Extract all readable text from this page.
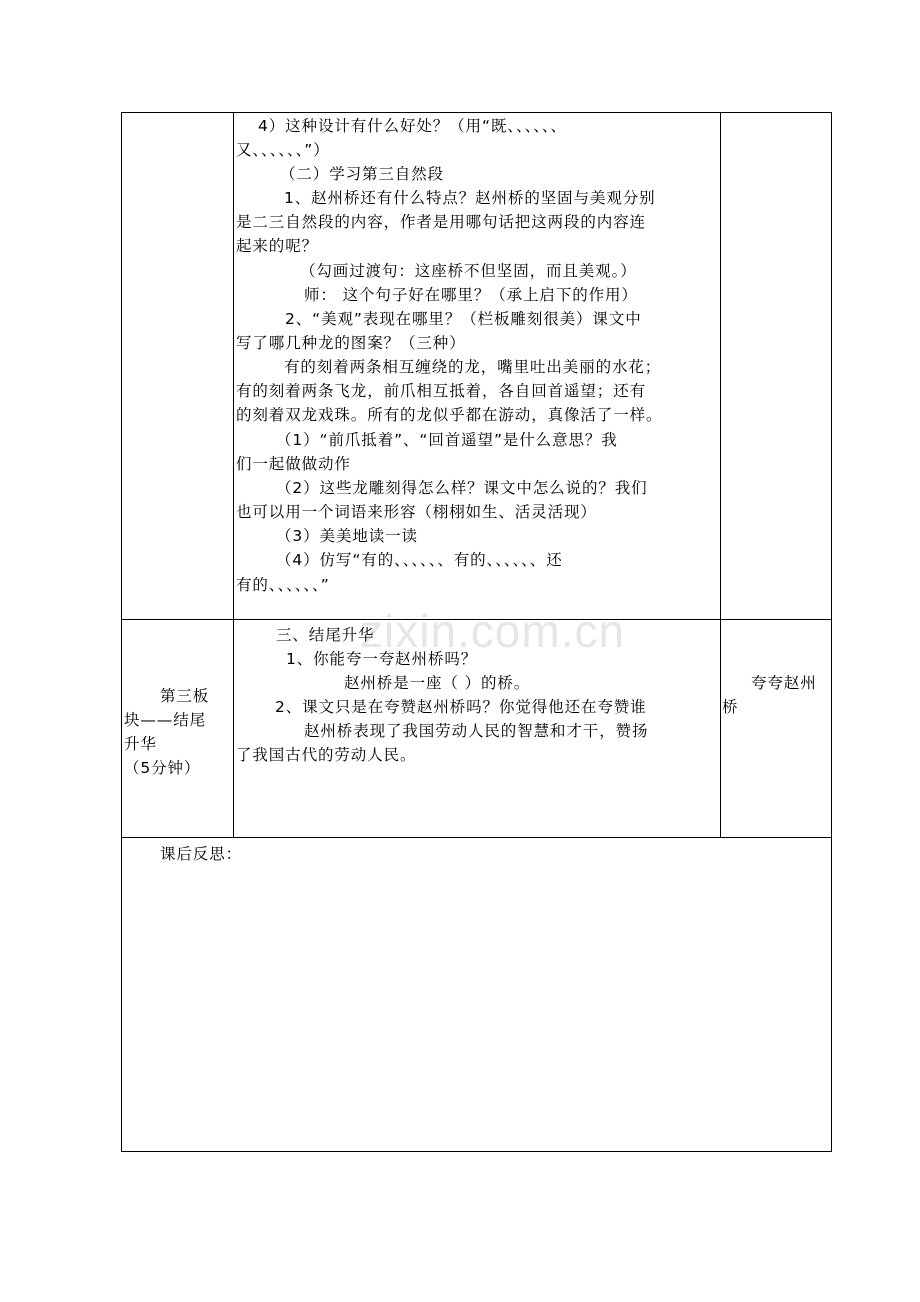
zixin.com.cn
4）这种设计有什么好处？（用“既、、、、、、
又、、、、、、”）
（二）学习第三自然段
1、赵州桥还有什么特点？赵州桥的坚固与美观分别
是二三自然段的内容，作者是用哪句话把这两段的内容连
起来的呢？
（勾画过渡句：这座桥不但坚固，而且美观。）
师： 这个句子好在哪里？（承上启下的作用）
2、“美观”表现在哪里？（栏板雕刻很美）课文中
写了哪几种龙的图案？（三种）
有的刻着两条相互缠绕的龙，嘴里吐出美丽的水花；
有的刻着两条飞龙，前爪相互抵着，各自回首遥望；还有
的刻着双龙戏珠。所有的龙似乎都在游动，真像活了一样。
（1）“前爪抵着”、“回首遥望”是什么意思？我
们一起做做动作
（2）这些龙雕刻得怎么样？课文中怎么说的？我们
也可以用一个词语来形容（栩栩如生、活灵活现）
（3）美美地读一读
（4）仿写“有的、、、、、、有的、、、、、、还
有的、、、、、、”
第三板
块——结尾
升华
（5分钟）
三、结尾升华
1、你能夸一夸赵州桥吗？
赵州桥是一座（ ）的桥。
2、课文只是在夸赞赵州桥吗？你觉得他还在夸赞谁
赵州桥表现了我国劳动人民的智慧和才干，赞扬
了我国古代的劳动人民。
桥
夸夸赵州
课后反思：
